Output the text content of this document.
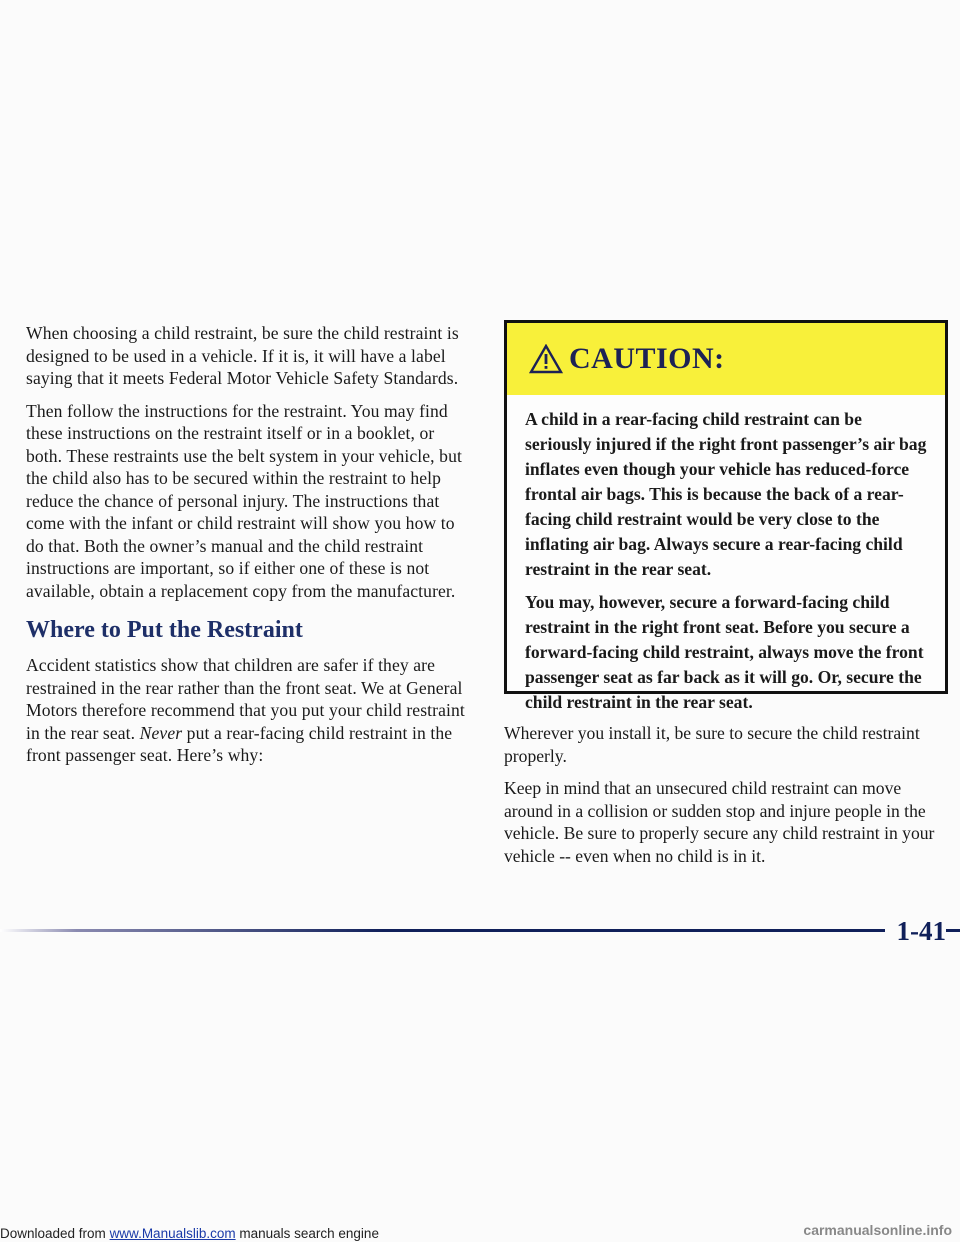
When choosing a child restraint, be sure the child restraint is designed to be used in a vehicle. If it is, it will have a label saying that it meets Federal Motor Vehicle Safety Standards.

Then follow the instructions for the restraint. You may find these instructions on the restraint itself or in a booklet, or both. These restraints use the belt system in your vehicle, but the child also has to be secured within the restraint to help reduce the chance of personal injury. The instructions that come with the infant or child restraint will show you how to do that. Both the owner’s manual and the child restraint instructions are important, so if either one of these is not available, obtain a replacement copy from the manufacturer.

Where to Put the Restraint

Accident statistics show that children are safer if they are restrained in the rear rather than the front seat. We at General Motors therefore recommend that you put your child restraint in the rear seat. Never put a rear-facing child restraint in the front passenger seat. Here’s why:

CAUTION:

A child in a rear-facing child restraint can be seriously injured if the right front passenger’s air bag inflates even though your vehicle has reduced-force frontal air bags. This is because the back of a rear-facing child restraint would be very close to the inflating air bag. Always secure a rear-facing child restraint in the rear seat.

You may, however, secure a forward-facing child restraint in the right front seat. Before you secure a forward-facing child restraint, always move the front passenger seat as far back as it will go. Or, secure the child restraint in the rear seat.

Wherever you install it, be sure to secure the child restraint properly.

Keep in mind that an unsecured child restraint can move around in a collision or sudden stop and injure people in the vehicle. Be sure to properly secure any child restraint in your vehicle -- even when no child is in it.

1-41
Downloaded from www.Manualslib.com manuals search engine	carmanualsonline.info
